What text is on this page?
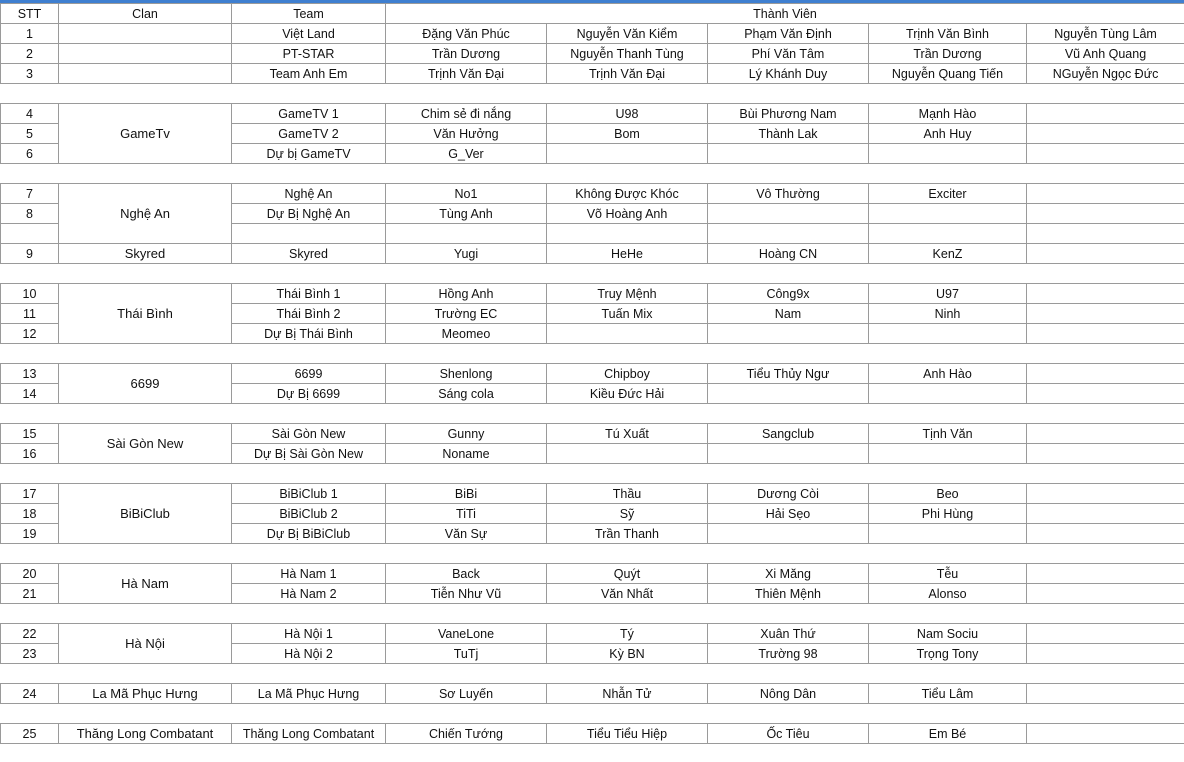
STT	Clan	Team	Thành Viên				
1		Việt Land	Đặng Văn Phúc	Nguyễn Văn Kiểm	Phạm Văn Định	Trịnh Văn Bình	Nguyễn Tùng Lâm
2		PT-STAR	Trần Dương	Nguyễn Thanh Tùng	Phí Văn Tâm	Trần Dương	Vũ Anh Quang
3		Team Anh Em	Trịnh Văn Đại	Trịnh Văn Đại	Lý Khánh Duy	Nguyễn Quang Tiến	NGuyễn Ngọc Đức

4	GameTv	GameTV 1	Chim sẻ đi nắng	U98	Bùi Phương Nam	Mạnh Hào	
5		GameTV 2	Văn Hưởng	Bom	Thành Lak	Anh Huy	
6		Dự bị GameTV	G_Ver				

7	Nghệ An	Nghệ An	No1	Không Được Khóc	Vô Thường	Exciter	
8		Dự Bị Nghệ An	Tùng Anh	Võ Hoàng Anh			

9	Skyred	Skyred	Yugi	HeHe	Hoàng CN	KenZ	

10	Thái Bình	Thái Bình 1	Hồng Anh	Truy Mệnh	Công9x	U97	
11		Thái Bình 2	Trường EC	Tuấn Mix	Nam	Ninh	
12		Dự Bị Thái Bình	Meomeo				

13	6699	6699	Shenlong	Chipboy	Tiểu Thủy Ngư	Anh Hào	
14		Dự Bị 6699	Sáng cola	Kiều Đức Hải			

15	Sài Gòn New	Sài Gòn New	Gunny	Tú Xuất	Sangclub	Tịnh Văn	
16		Dự Bị Sài Gòn New	Noname				

17	BiBiClub	BiBiClub 1	BiBi	Thầu	Dương Còi	Beo	
18		BiBiClub 2	TiTi	Sỹ	Hải Sẹo	Phi Hùng	
19		Dự Bị BiBiClub	Văn Sự	Trần Thanh			

20	Hà Nam	Hà Nam 1	Back	Quýt	Xi Măng	Tễu	
21		Hà Nam 2	Tiễn Như Vũ	Văn Nhất	Thiên Mệnh	Alonso	

22	Hà Nội	Hà Nội 1	VaneLone	Tý	Xuân Thứ	Nam Sociu	
23		Hà Nội 2	TuTj	Kỳ BN	Trường 98	Trọng Tony	

24	La Mã Phục Hưng	La Mã Phục Hưng	Sơ Luyến	Nhẫn Tử	Nông Dân	Tiểu Lâm	

25	Thăng Long Combatant	Thăng Long Combatant	Chiến Tướng	Tiểu Tiểu Hiệp	Ốc Tiêu	Em Bé	
